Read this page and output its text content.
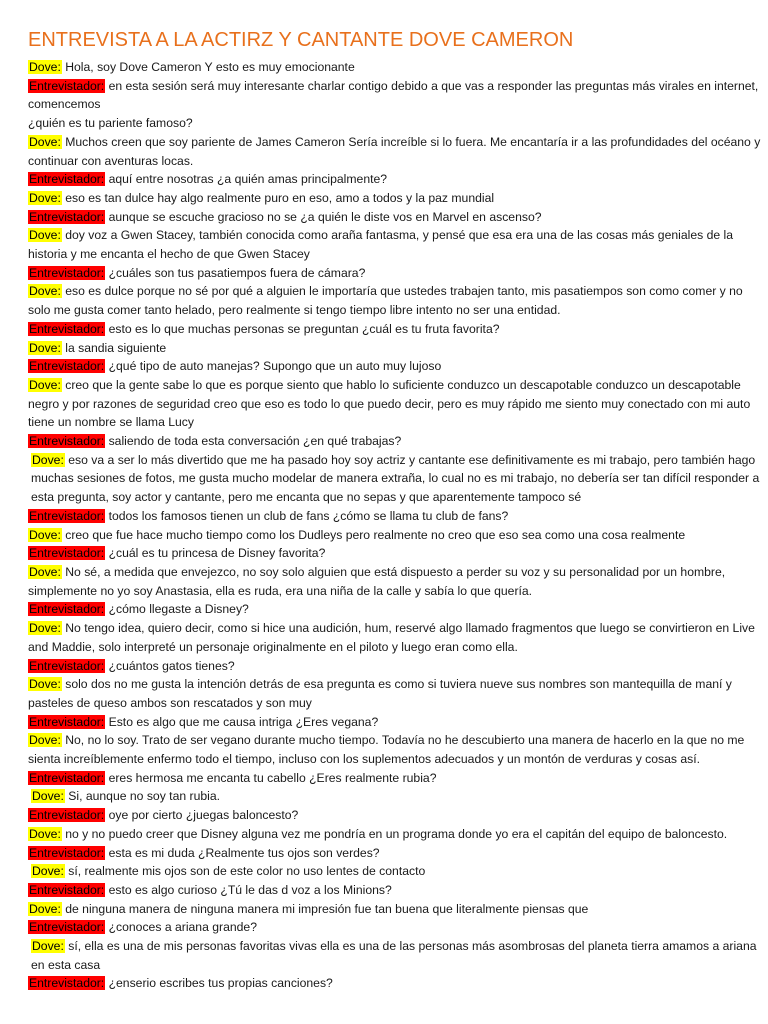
ENTREVISTA A LA ACTIRZ Y CANTANTE DOVE CAMERON

Dove: Hola, soy Dove Cameron Y esto es muy emocionante

Entrevistador: en esta sesión será muy interesante charlar contigo debido a que vas a responder las preguntas más virales en internet, comencemos
¿quién es tu pariente famoso?

Dove: Muchos creen que soy pariente de James Cameron Sería increíble si lo fuera. Me encantaría ir a las profundidades del océano y continuar con aventuras locas.

Entrevistador: aquí entre nosotras ¿a quién amas principalmente?

Dove: eso es tan dulce hay algo realmente puro en eso, amo a todos y la paz mundial

Entrevistador: aunque se escuche gracioso no se ¿a quién le diste vos en Marvel en ascenso?

Dove: doy voz a Gwen Stacey, también conocida como araña fantasma, y pensé que esa era una de las cosas más geniales de la historia y me encanta el hecho de que Gwen Stacey

Entrevistador: ¿cuáles son tus pasatiempos fuera de cámara?

Dove: eso es dulce porque no sé por qué a alguien le importaría que ustedes trabajen tanto, mis pasatiempos son como comer y no solo me gusta comer tanto helado, pero realmente si tengo tiempo libre intento no ser una entidad.

Entrevistador: esto es lo que muchas personas se preguntan ¿cuál es tu fruta favorita?

Dove: la sandia siguiente

Entrevistador: ¿qué tipo de auto manejas? Supongo que un auto muy lujoso

Dove: creo que la gente sabe lo que es porque siento que hablo lo suficiente conduzco un descapotable conduzco un descapotable negro y por razones de seguridad creo que eso es todo lo que puedo decir, pero es muy rápido me siento muy conectado con mi auto tiene un nombre se llama Lucy

Entrevistador: saliendo de toda esta conversación ¿en qué trabajas?

Dove: eso va a ser lo más divertido que me ha pasado hoy soy actriz y cantante ese definitivamente es mi trabajo, pero también hago muchas sesiones de fotos, me gusta mucho modelar de manera extraña, lo cual no es mi trabajo, no debería ser tan difícil responder a esta pregunta, soy actor y cantante, pero me encanta que no sepas y que aparentemente tampoco sé

Entrevistador: todos los famosos tienen un club de fans ¿cómo se llama tu club de fans?

Dove: creo que fue hace mucho tiempo como los Dudleys pero realmente no creo que eso sea como una cosa realmente

Entrevistador: ¿cuál es tu princesa de Disney favorita?

Dove: No sé, a medida que envejezco, no soy solo alguien que está dispuesto a perder su voz y su personalidad por un hombre, simplemente no yo soy Anastasia, ella es ruda, era una niña de la calle y sabía lo que quería.

Entrevistador: ¿cómo llegaste a Disney?

Dove: No tengo idea, quiero decir, como si hice una audición, hum, reservé algo llamado fragmentos que luego se convirtieron en Live and Maddie, solo interpreté un personaje originalmente en el piloto y luego eran como ella.

Entrevistador: ¿cuántos gatos tienes?

Dove: solo dos no me gusta la intención detrás de esa pregunta es como si tuviera nueve sus nombres son mantequilla de maní y pasteles de queso ambos son rescatados y son muy

Entrevistador: Esto es algo que me causa intriga ¿Eres vegana?

Dove: No, no lo soy. Trato de ser vegano durante mucho tiempo. Todavía no he descubierto una manera de hacerlo en la que no me sienta increíblemente enfermo todo el tiempo, incluso con los suplementos adecuados y un montón de verduras y cosas así.

Entrevistador: eres hermosa me encanta tu cabello ¿Eres realmente rubia?

Dove: Si, aunque no soy tan rubia.

Entrevistador: oye por cierto ¿juegas baloncesto?

Dove: no y no puedo creer que Disney alguna vez me pondría en un programa donde yo era el capitán del equipo de baloncesto.

Entrevistador: esta es mi duda ¿Realmente tus ojos son verdes?

Dove: sí, realmente mis ojos son de este color no uso lentes de contacto

Entrevistador: esto es algo curioso ¿Tú le das d voz a los Minions?

Dove: de ninguna manera de ninguna manera mi impresión fue tan buena que literalmente piensas que

Entrevistador: ¿conoces a ariana grande?

Dove: sí, ella es una de mis personas favoritas vivas ella es una de las personas más asombrosas del planeta tierra amamos a ariana en esta casa

Entrevistador: ¿enserio escribes tus propias canciones?
